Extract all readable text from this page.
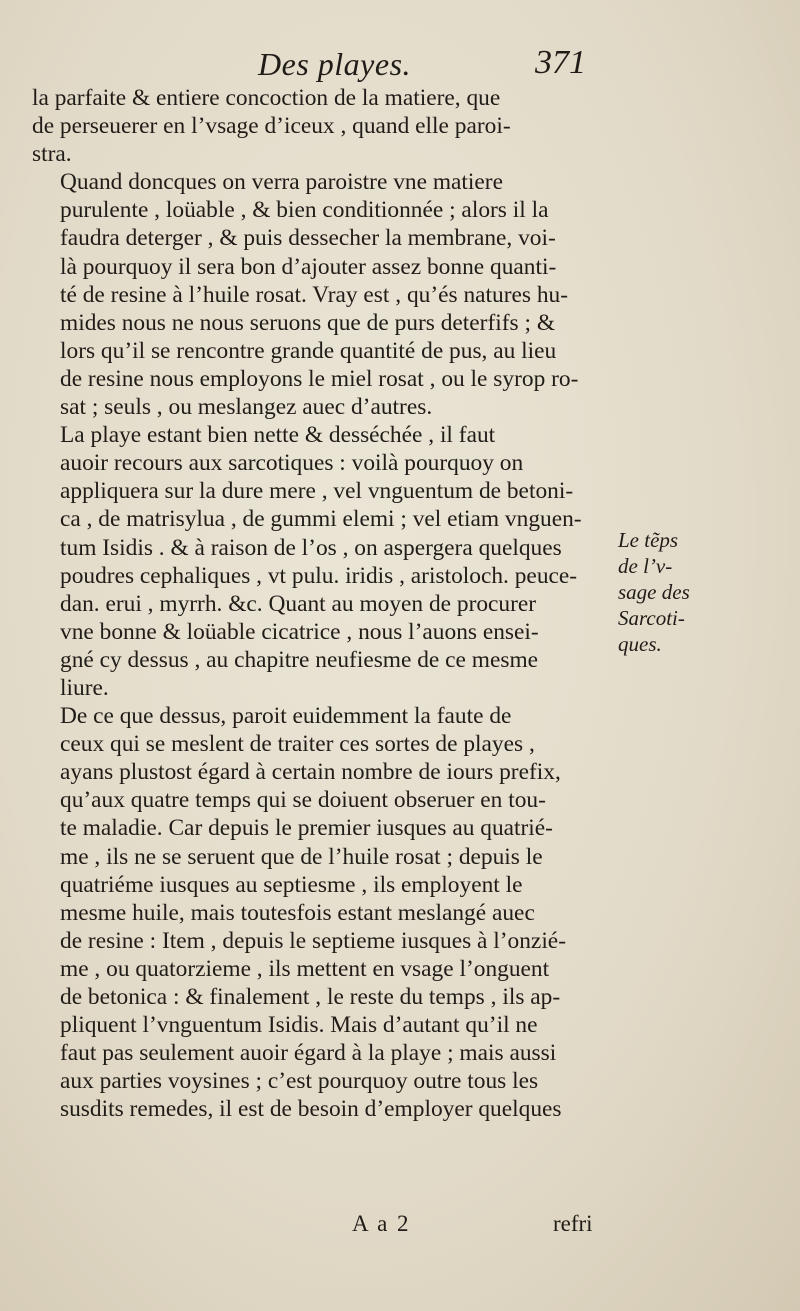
Des playes.	371

la parfaite & entiere concoction de la matiere, que
de perseuerer en l’vsage d’iceux , quand elle paroi-
stra.

Quand doncques on verra paroistre vne matiere
purulente , loüable , & bien conditionnée ; alors il la
faudra deterger , & puis dessecher la membrane, voi-
là pourquoy il sera bon d’ajouter assez bonne quanti-
té de resine à l’huile rosat. Vray est , qu’és natures hu-
mides nous ne nous seruons que de purs deterfifs ; &
lors qu’il se rencontre grande quantité de pus, au lieu
de resine nous employons le miel rosat , ou le syrop ro-
sat ; seuls , ou meslangez auec d’autres.

La playe estant bien nette & desséchée , il faut
auoir recours aux sarcotiques : voilà pourquoy on
appliquera sur la dure mere , vel vnguentum de betoni-
ca , de matrisylua , de gummi elemi ; vel etiam vnguen-
tum Isidis . & à raison de l’os , on aspergera quelques
poudres cephaliques , vt pulu. iridis , aristoloch. peuce-
dan. erui , myrrh. &c. Quant au moyen de procurer
vne bonne & loüable cicatrice , nous l’auons ensei-
gné cy dessus , au chapitre neufiesme de ce mesme
liure.

De ce que dessus, paroit euidemment la faute de
ceux qui se meslent de traiter ces sortes de playes ,
ayans plustost égard à certain nombre de iours prefix,
qu’aux quatre temps qui se doiuent obseruer en tou-
te maladie. Car depuis le premier iusques au quatrié-
me , ils ne se seruent que de l’huile rosat ; depuis le
quatriéme iusques au septiesme , ils employent le
mesme huile, mais toutesfois estant meslangé auec
de resine : Item , depuis le septieme iusques à l’onzié-
me , ou quatorzieme , ils mettent en vsage l’onguent
de betonica : & finalement , le reste du temps , ils ap-
pliquent l’vnguentum Isidis. Mais d’autant qu’il ne
faut pas seulement auoir égard à la playe ; mais aussi
aux parties voysines ; c’est pourquoy outre tous les
susdits remedes, il est de besoin d’employer quelques

Le tẽps
de l’v-
sage des
Sarcoti-
ques.
A a 2	refri
